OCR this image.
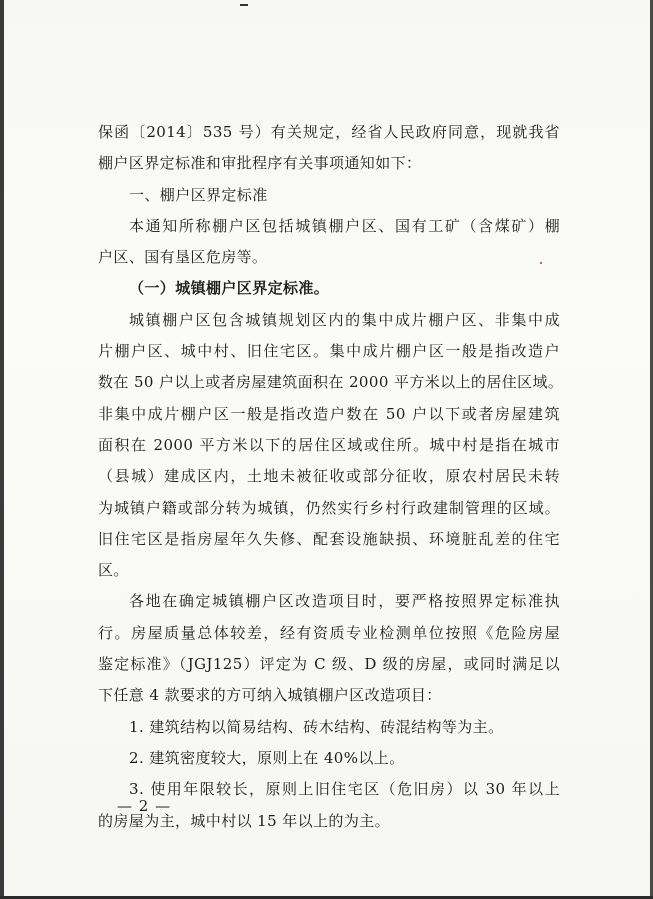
保函〔2014〕535 号）有关规定，经省人民政府同意，现就我省
棚户区界定标准和审批程序有关事项通知如下：
一、棚户区界定标准
本通知所称棚户区包括城镇棚户区、国有工矿（含煤矿）棚
户区、国有垦区危房等。
（一）城镇棚户区界定标准。
城镇棚户区包含城镇规划区内的集中成片棚户区、非集中成
片棚户区、城中村、旧住宅区。集中成片棚户区一般是指改造户
数在 50 户以上或者房屋建筑面积在 2000 平方米以上的居住区域。
非集中成片棚户区一般是指改造户数在 50 户以下或者房屋建筑
面积在 2000 平方米以下的居住区域或住所。城中村是指在城市
（县城）建成区内，土地未被征收或部分征收，原农村居民未转
为城镇户籍或部分转为城镇，仍然实行乡村行政建制管理的区域。
旧住宅区是指房屋年久失修、配套设施缺损、环境脏乱差的住宅
区。
各地在确定城镇棚户区改造项目时，要严格按照界定标准执
行。房屋质量总体较差，经有资质专业检测单位按照《危险房屋
鉴定标准》（JGJ125）评定为 C 级、D 级的房屋，或同时满足以
下任意 4 款要求的方可纳入城镇棚户区改造项目：
1. 建筑结构以简易结构、砖木结构、砖混结构等为主。
2. 建筑密度较大，原则上在 40%以上。
3. 使用年限较长，原则上旧住宅区（危旧房）以 30 年以上
的房屋为主，城中村以 15 年以上的为主。
— 2 —
